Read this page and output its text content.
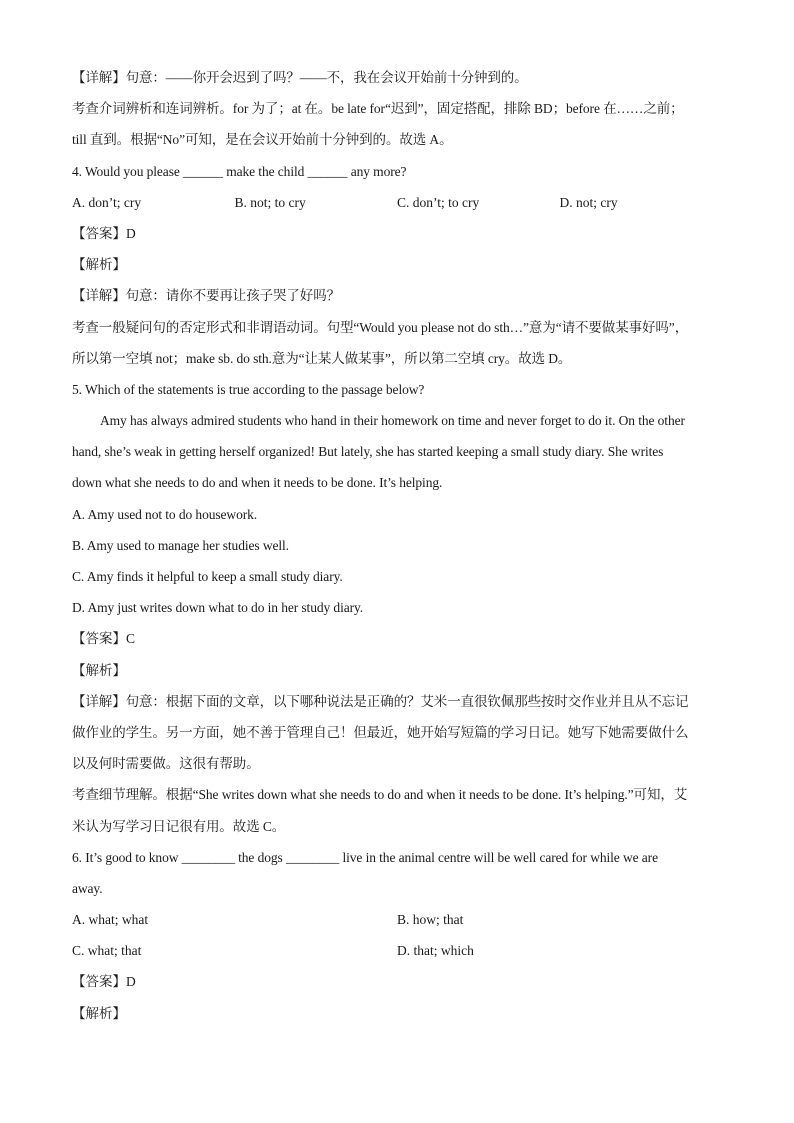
【详解】句意：——你开会迟到了吗？——不，我在会议开始前十分钟到的。
考查介词辨析和连词辨析。for 为了；at 在。be late for“迟到”，固定搭配，排除 BD；before 在……之前；
till 直到。根据“No”可知，是在会议开始前十分钟到的。故选 A。
4. Would you please ______ make the child ______ any more?
A. don’t; cry	B. not; to cry	C. don’t; to cry	D. not; cry
【答案】D
【解析】
【详解】句意：请你不要再让孩子哭了好吗？
考查一般疑问句的否定形式和非谓语动词。句型“Would you please not do sth…”意为“请不要做某事好吗”，
所以第一空填 not；make sb. do sth.意为“让某人做某事”，所以第二空填 cry。故选 D。
5. Which of the statements is true according to the passage below?
Amy has always admired students who hand in their homework on time and never forget to do it. On the other
hand, she’s weak in getting herself organized! But lately, she has started keeping a small study diary. She writes
down what she needs to do and when it needs to be done. It’s helping.
A. Amy used not to do housework.
B. Amy used to manage her studies well.
C. Amy finds it helpful to keep a small study diary.
D. Amy just writes down what to do in her study diary.
【答案】C
【解析】
【详解】句意：根据下面的文章，以下哪种说法是正确的？艾米一直很钦佩那些按时交作业并且从不忘记
做作业的学生。另一方面，她不善于管理自己！但最近，她开始写短篇的学习日记。她写下她需要做什么
以及何时需要做。这很有帮助。
考查细节理解。根据“She writes down what she needs to do and when it needs to be done. It’s helping.”可知，艾
米认为写学习日记很有用。故选 C。
6. It’s good to know ________ the dogs ________ live in the animal centre will be well cared for while we are
away.
A. what; what	B. how; that
C. what; that	D. that; which
【答案】D
【解析】
